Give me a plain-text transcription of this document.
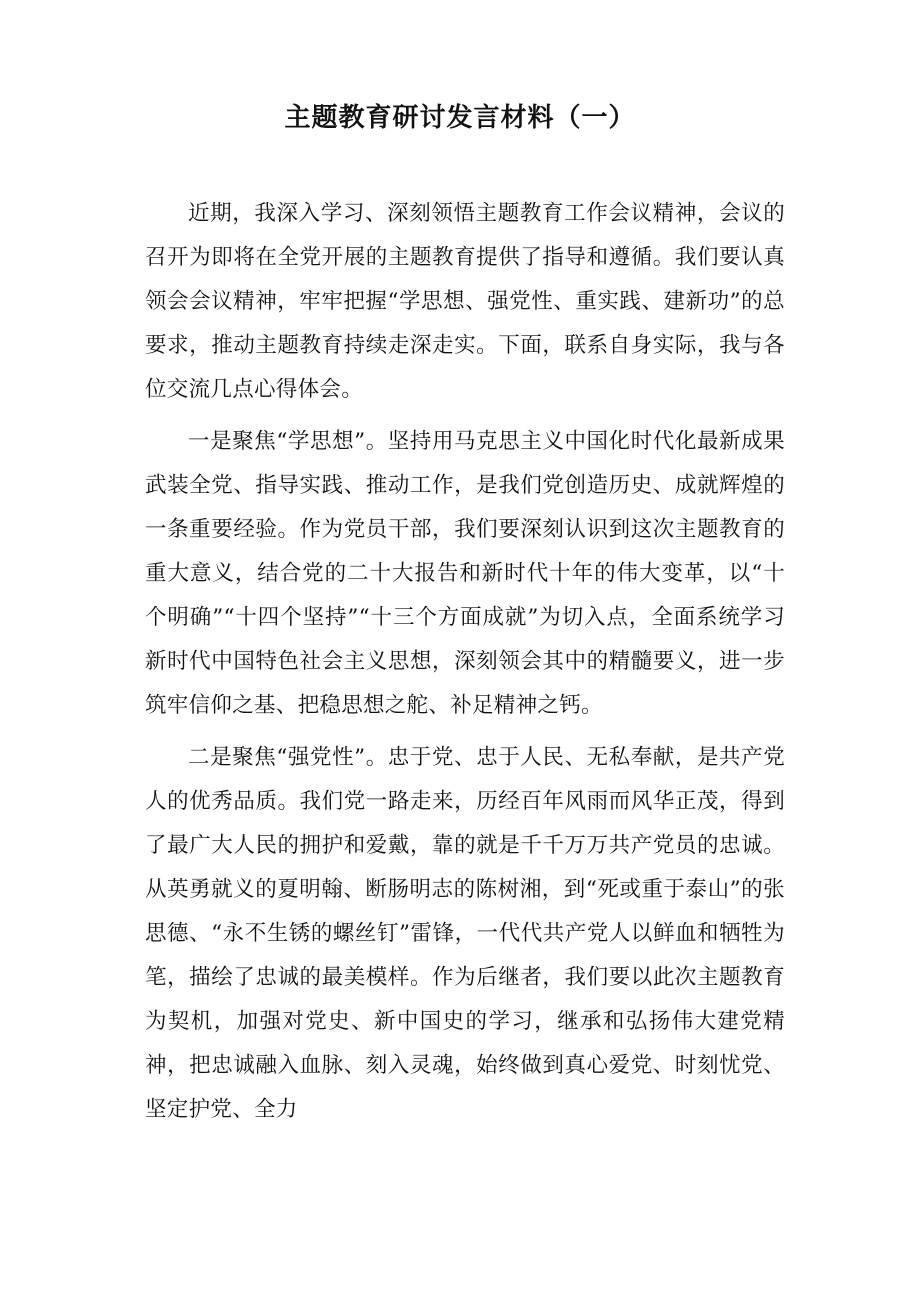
主题教育研讨发言材料（一）

近期，我深入学习、深刻领悟主题教育工作会议精神，会议的召开为即将在全党开展的主题教育提供了指导和遵循。我们要认真领会会议精神，牢牢把握“学思想、强党性、重实践、建新功”的总要求，推动主题教育持续走深走实。下面，联系自身实际，我与各位交流几点心得体会。

一是聚焦“学思想”。坚持用马克思主义中国化时代化最新成果武装全党、指导实践、推动工作，是我们党创造历史、成就辉煌的一条重要经验。作为党员干部，我们要深刻认识到这次主题教育的重大意义，结合党的二十大报告和新时代十年的伟大变革，以“十个明确”“十四个坚持”“十三个方面成就”为切入点，全面系统学习新时代中国特色社会主义思想，深刻领会其中的精髓要义，进一步筑牢信仰之基、把稳思想之舵、补足精神之钙。

二是聚焦“强党性”。忠于党、忠于人民、无私奉献，是共产党人的优秀品质。我们党一路走来，历经百年风雨而风华正茂，得到了最广大人民的拥护和爱戴，靠的就是千千万万共产党员的忠诚。从英勇就义的夏明翰、断肠明志的陈树湘，到“死或重于泰山”的张思德、“永不生锈的螺丝钉”雷锋，一代代共产党人以鲜血和牺牲为笔，描绘了忠诚的最美模样。作为后继者，我们要以此次主题教育为契机，加强对党史、新中国史的学习，继承和弘扬伟大建党精神，把忠诚融入血脉、刻入灵魂，始终做到真心爱党、时刻忧党、坚定护党、全力
